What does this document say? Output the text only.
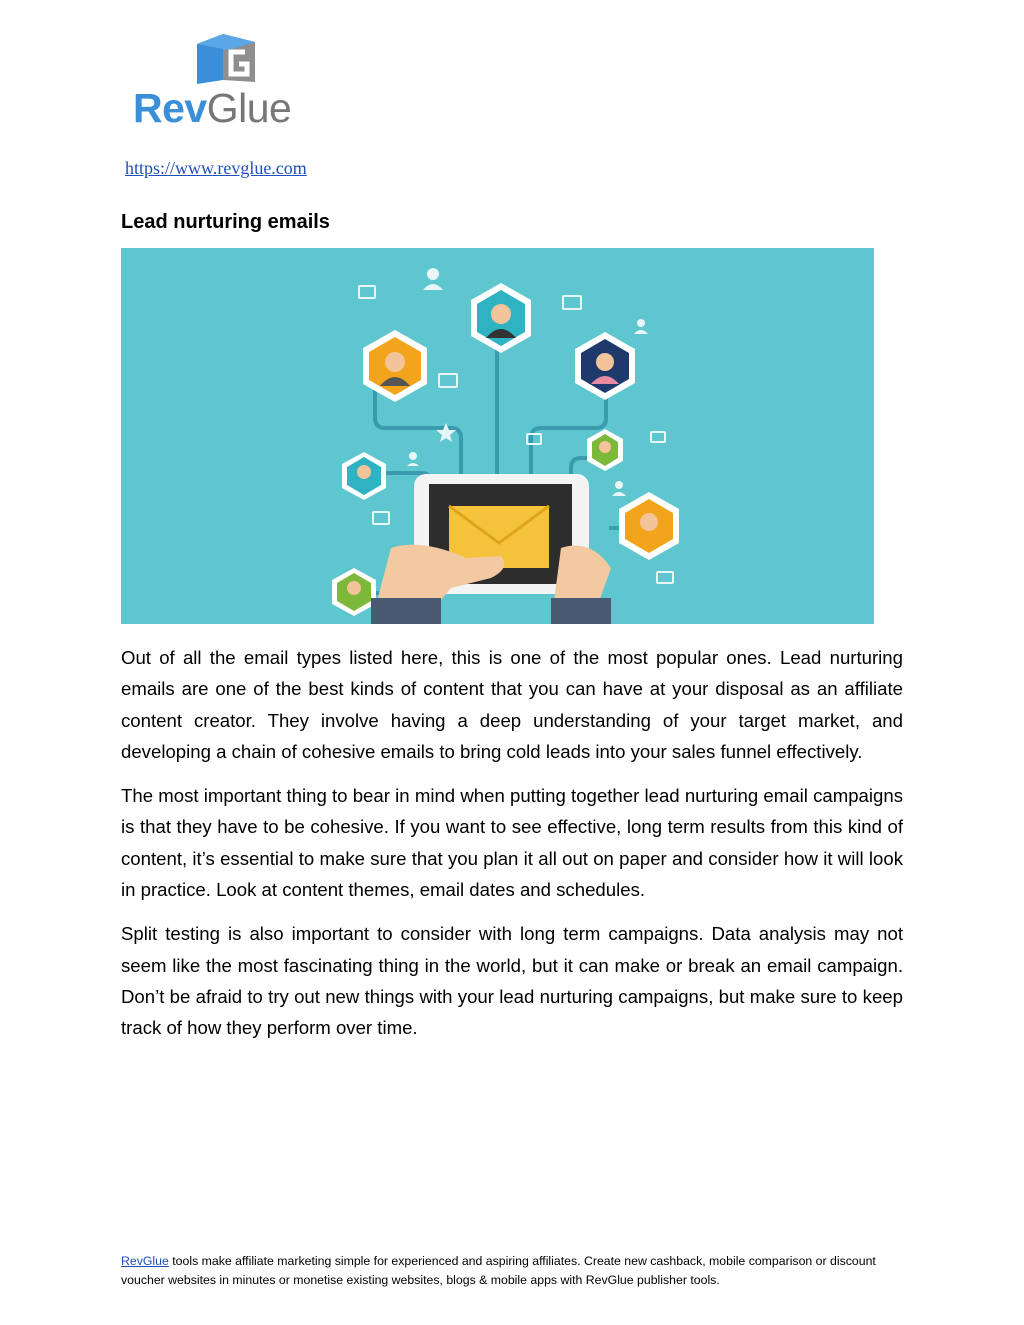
RevGlue
https://www.revglue.com
Lead nurturing emails

Out of all the email types listed here, this is one of the most popular ones. Lead nurturing emails are one of the best kinds of content that you can have at your disposal as an affiliate content creator. They involve having a deep understanding of your target market, and developing a chain of cohesive emails to bring cold leads into your sales funnel effectively.

The most important thing to bear in mind when putting together lead nurturing email campaigns is that they have to be cohesive. If you want to see effective, long term results from this kind of content, it’s essential to make sure that you plan it all out on paper and consider how it will look in practice. Look at content themes, email dates and schedules.

Split testing is also important to consider with long term campaigns. Data analysis may not seem like the most fascinating thing in the world, but it can make or break an email campaign. Don’t be afraid to try out new things with your lead nurturing campaigns, but make sure to keep track of how they perform over time.

RevGlue tools make affiliate marketing simple for experienced and aspiring affiliates. Create new cashback, mobile comparison or discount voucher websites in minutes or monetise existing websites, blogs & mobile apps with RevGlue publisher tools.
